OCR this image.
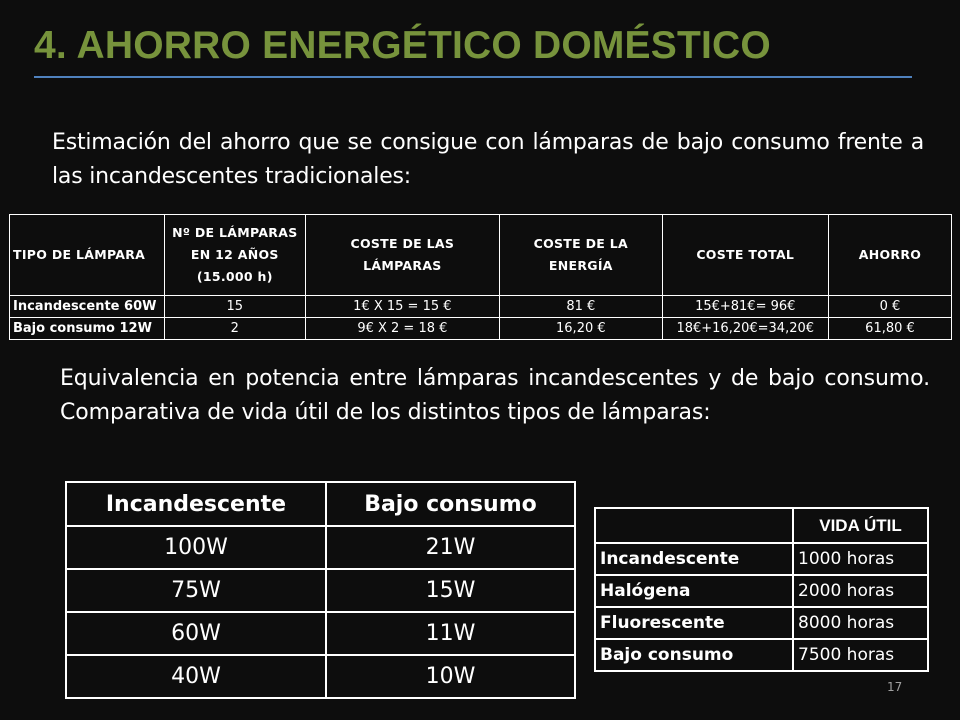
4. AHORRO ENERGÉTICO DOMÉSTICO
Estimación del ahorro que se consigue con lámparas de bajo consumo frente a las incandescentes tradicionales:
TIPO DE LÁMPARA	Nº DE LÁMPARAS EN 12 AÑOS (15.000 h)	COSTE DE LAS LÁMPARAS	COSTE DE LA ENERGÍA	COSTE TOTAL	AHORRO
Incandescente 60W	15	1€ X 15 = 15 €	81 €	15€+81€= 96€	0 €
Bajo consumo 12W	2	9€ X 2 = 18 €	16,20 €	18€+16,20€=34,20€	61,80 €
Equivalencia en potencia entre lámparas incandescentes y de bajo consumo. Comparativa de vida útil de los distintos tipos de lámparas:
Incandescente	Bajo consumo
100W	21W
75W	15W
60W	11W
40W	10W
	VIDA ÚTIL
Incandescente	1000 horas
Halógena	2000 horas
Fluorescente	8000 horas
Bajo consumo	7500 horas
17
